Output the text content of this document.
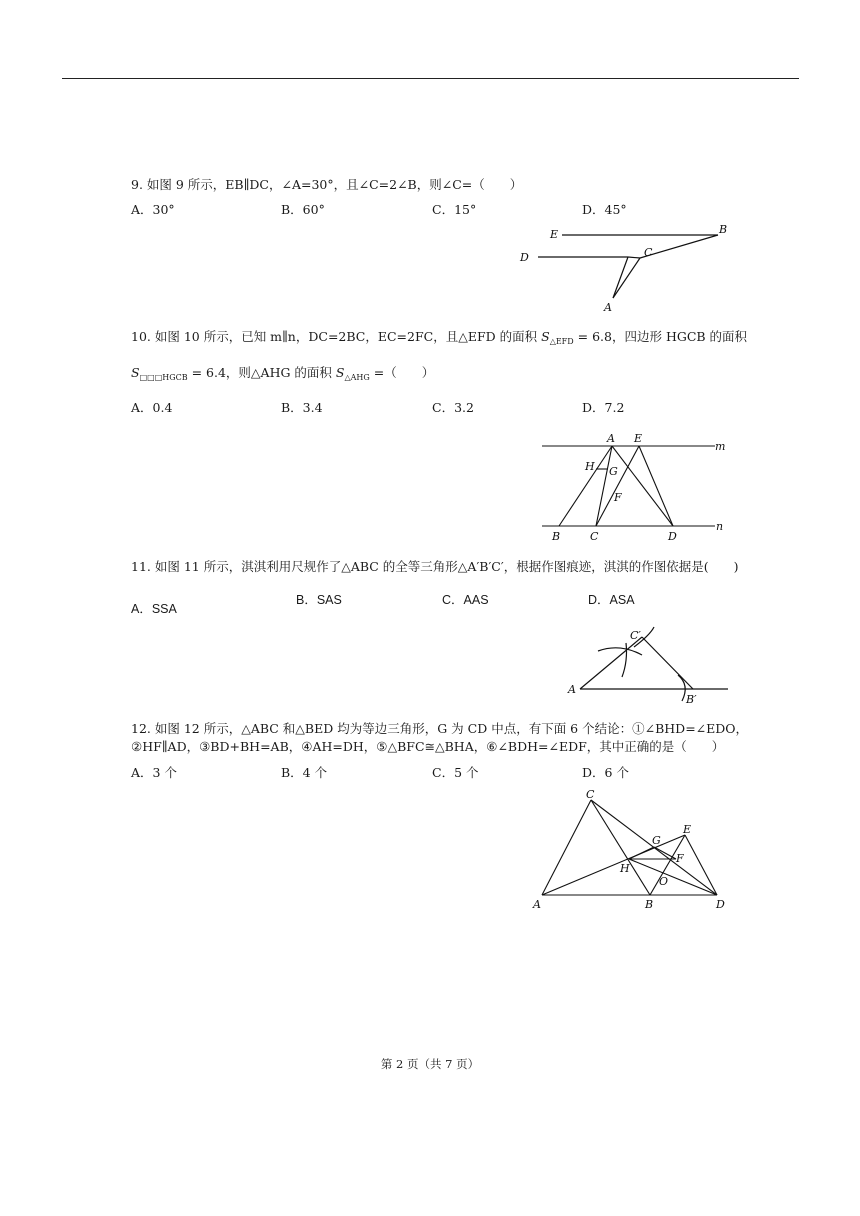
9. 如图 9 所示，EB∥DC，∠A=30°，且∠C=2∠B，则∠C=（　　）
A．30°	B．60°	C．15°	D．45°
E	B
D	C
A
10. 如图 10 所示，已知 m∥n，DC=2BC，EC=2FC，且△EFD 的面积 $S_{\triangle EFD} = 6.8$，四边形 HGCB 的面积
$S_{□□□HGCB} = 6.4$，则△AHG 的面积 $S_{\triangle AHG}$ =（　　）
A．0.4	B．3.4	C．3.2	D．7.2
A E
m
H G
F
B	C	D
n
11. 如图 11 所示，淇淇利用尺规作了△ABC 的全等三角形△A′B′C′，根据作图痕迹，淇淇的作图依据是(　　)
A．SSA
B．SAS	C．AAS	D．ASA
C′
A
B′
12. 如图 12 所示，△ABC 和△BED 均为等边三角形，G 为 CD 中点，有下面 6 个结论：①∠BHD=∠EDO，
②HF∥AD，③BD+BH=AB，④AH=DH，⑤△BFC≅△BHA，⑥∠BDH=∠EDF，其中正确的是（　　）
A．3 个	B．4 个	C．5 个	D．6 个
C
G
E
F
H
O
A	B	D
第 2 页（共 7 页）
